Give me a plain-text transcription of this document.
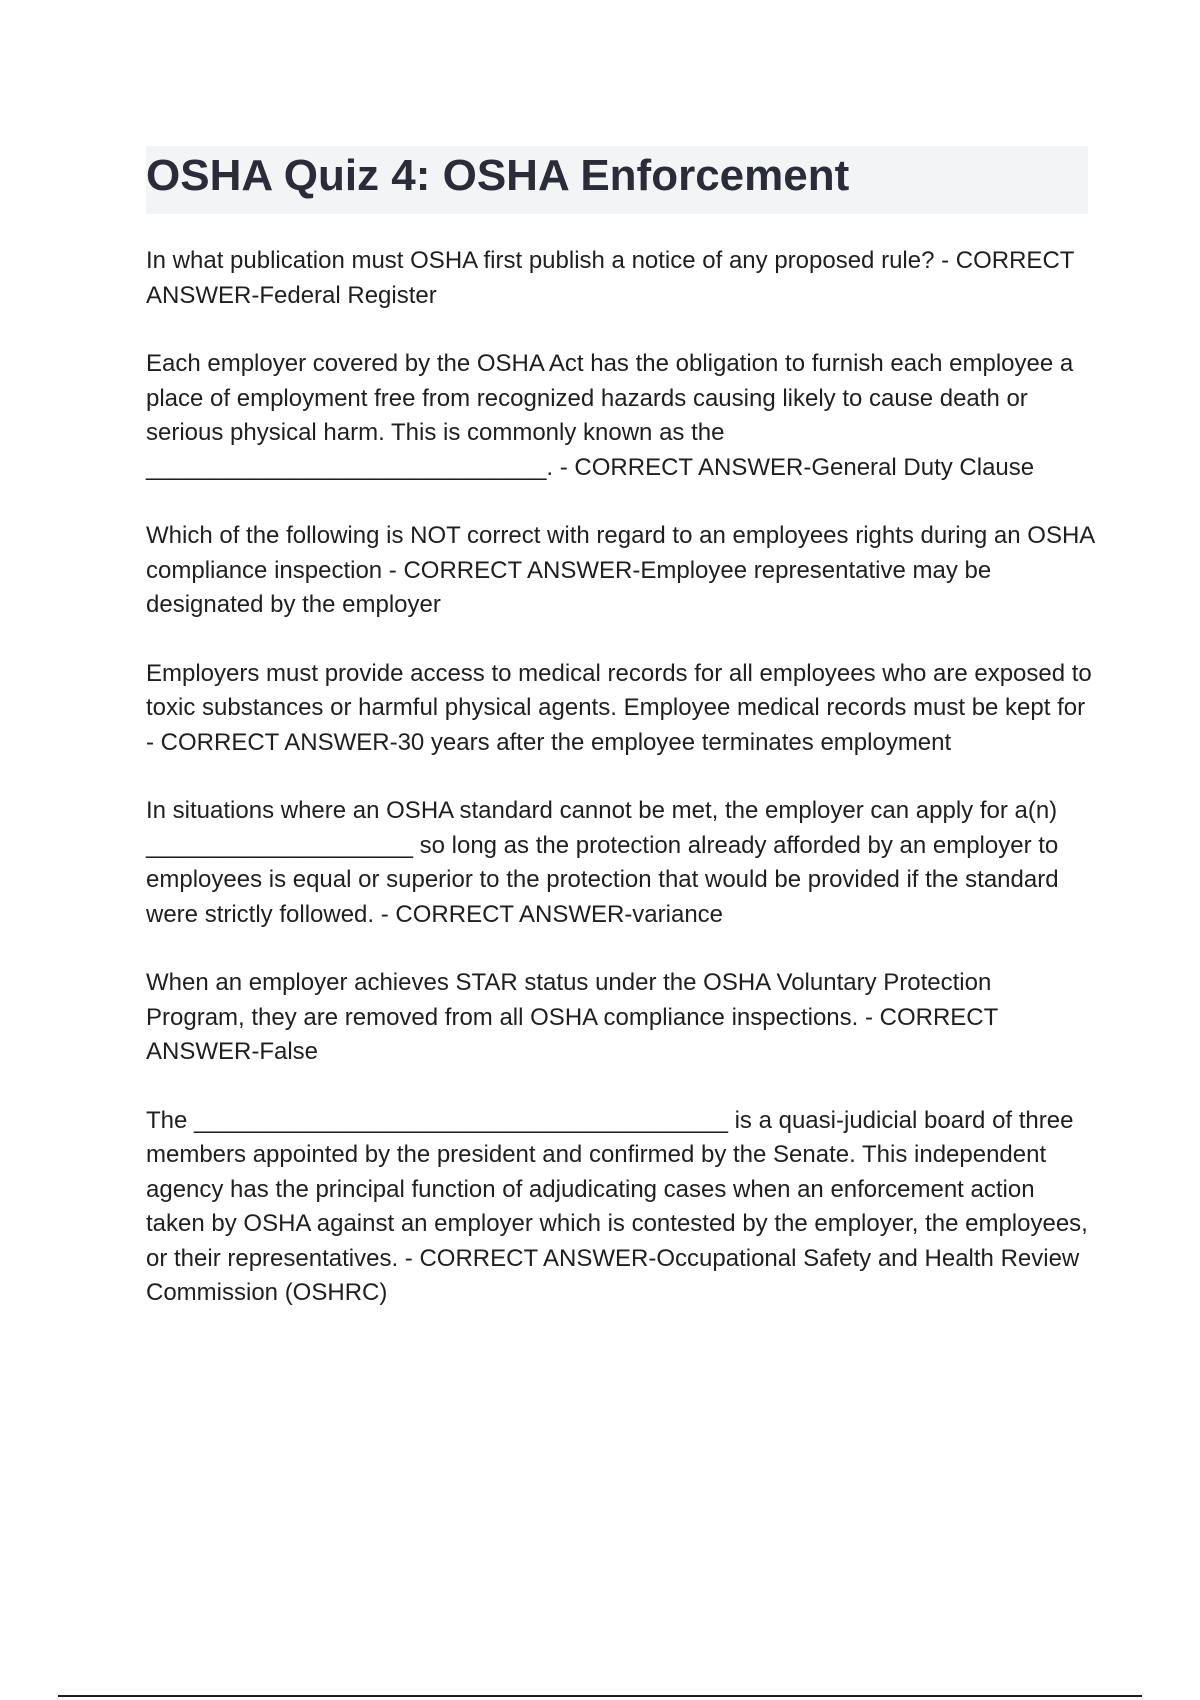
OSHA Quiz 4: OSHA Enforcement

In what publication must OSHA first publish a notice of any proposed rule? - CORRECT ANSWER-Federal Register

Each employer covered by the OSHA Act has the obligation to furnish each employee a place of employment free from recognized hazards causing likely to cause death or serious physical harm. This is commonly known as the ______________________________. - CORRECT ANSWER-General Duty Clause

Which of the following is NOT correct with regard to an employees rights during an OSHA compliance inspection - CORRECT ANSWER-Employee representative may be designated by the employer

Employers must provide access to medical records for all employees who are exposed to toxic substances or harmful physical agents. Employee medical records must be kept for - CORRECT ANSWER-30 years after the employee terminates employment

In situations where an OSHA standard cannot be met, the employer can apply for a(n) ____________________ so long as the protection already afforded by an employer to employees is equal or superior to the protection that would be provided if the standard were strictly followed. - CORRECT ANSWER-variance

When an employer achieves STAR status under the OSHA Voluntary Protection Program, they are removed from all OSHA compliance inspections. - CORRECT ANSWER-False

The ________________________________________ is a quasi-judicial board of three members appointed by the president and confirmed by the Senate. This independent agency has the principal function of adjudicating cases when an enforcement action taken by OSHA against an employer which is contested by the employer, the employees, or their representatives. - CORRECT ANSWER-Occupational Safety and Health Review Commission (OSHRC)
